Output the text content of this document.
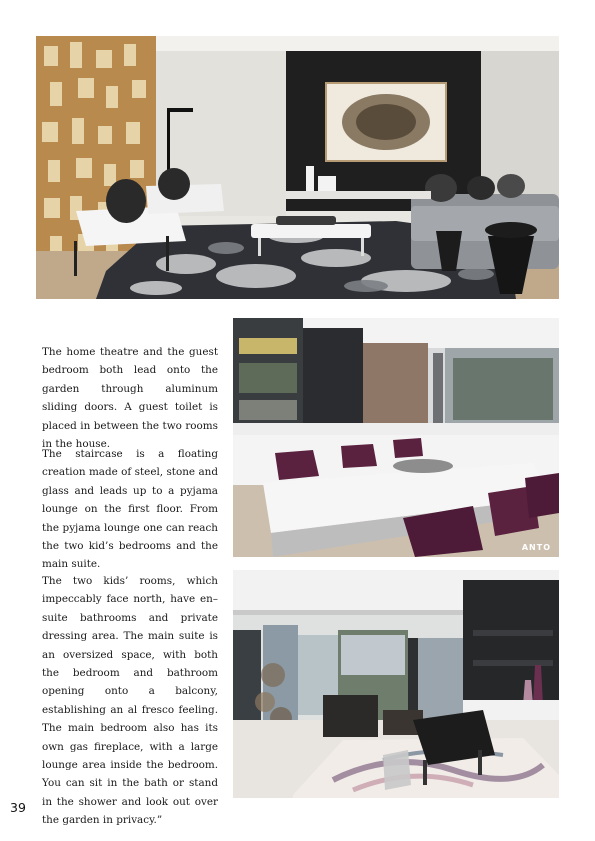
ANTO

The home theatre and the guest bedroom both lead onto the garden through aluminum sliding doors. A guest toilet is placed in between the two rooms in the house.

The staircase is a floating creation made of steel, stone and glass and leads up to a pyjama lounge on the first floor. From the pyjama lounge one can reach the two kid’s bedrooms and the main suite.

The two kids’ rooms, which impeccably face north, have en–suite bathrooms and private dressing area. The main suite is an oversized space, with both the bedroom and bathroom opening onto a balcony, establishing an al fresco feeling. The main bedroom also has its own gas fireplace, with a large lounge area inside the bedroom. You can sit in the bath or stand in the shower and look out over the garden in privacy.”

39
